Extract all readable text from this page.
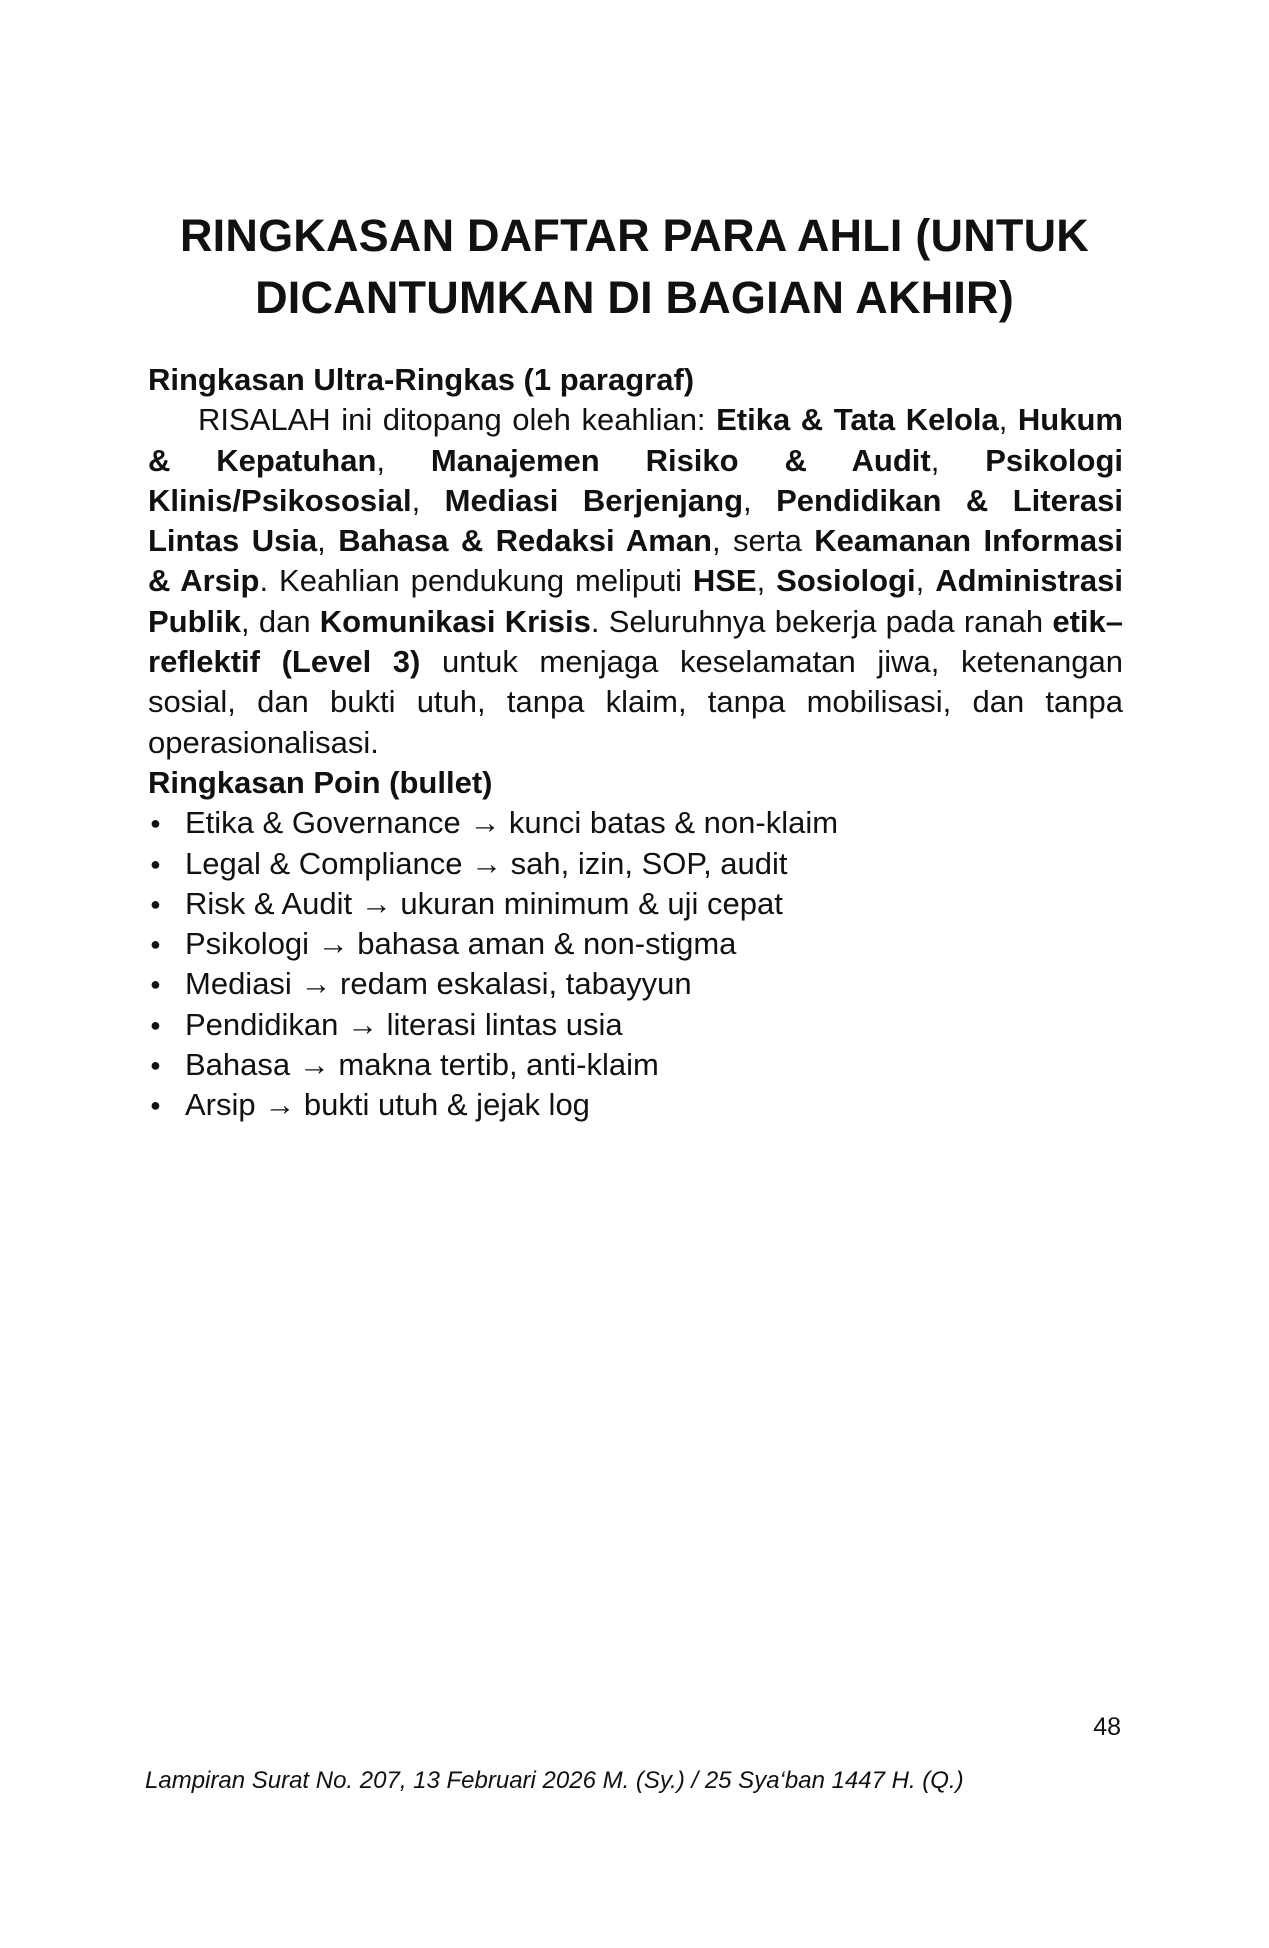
RINGKASAN DAFTAR PARA AHLI (UNTUK
DICANTUMKAN DI BAGIAN AKHIR)

Ringkasan Ultra-Ringkas (1 paragraf)

RISALAH ini ditopang oleh keahlian: Etika & Tata Kelola, Hukum & Kepatuhan, Manajemen Risiko & Audit, Psikologi Klinis/Psikososial, Mediasi Berjenjang, Pendidikan & Literasi Lintas Usia, Bahasa & Redaksi Aman, serta Keamanan Informasi & Arsip. Keahlian pendukung meliputi HSE, Sosiologi, Administrasi Publik, dan Komunikasi Krisis. Seluruhnya bekerja pada ranah etik–reflektif (Level 3) untuk menjaga keselamatan jiwa, ketenangan sosial, dan bukti utuh, tanpa klaim, tanpa mobilisasi, dan tanpa operasionalisasi.

Ringkasan Poin (bullet)

● Etika & Governance → kunci batas & non-klaim
● Legal & Compliance → sah, izin, SOP, audit
● Risk & Audit → ukuran minimum & uji cepat
● Psikologi → bahasa aman & non-stigma
● Mediasi → redam eskalasi, tabayyun
● Pendidikan → literasi lintas usia
● Bahasa → makna tertib, anti-klaim
● Arsip → bukti utuh & jejak log
48
Lampiran Surat No. 207, 13 Februari 2026 M. (Sy.) / 25 Sya‘ban 1447 H. (Q.)
